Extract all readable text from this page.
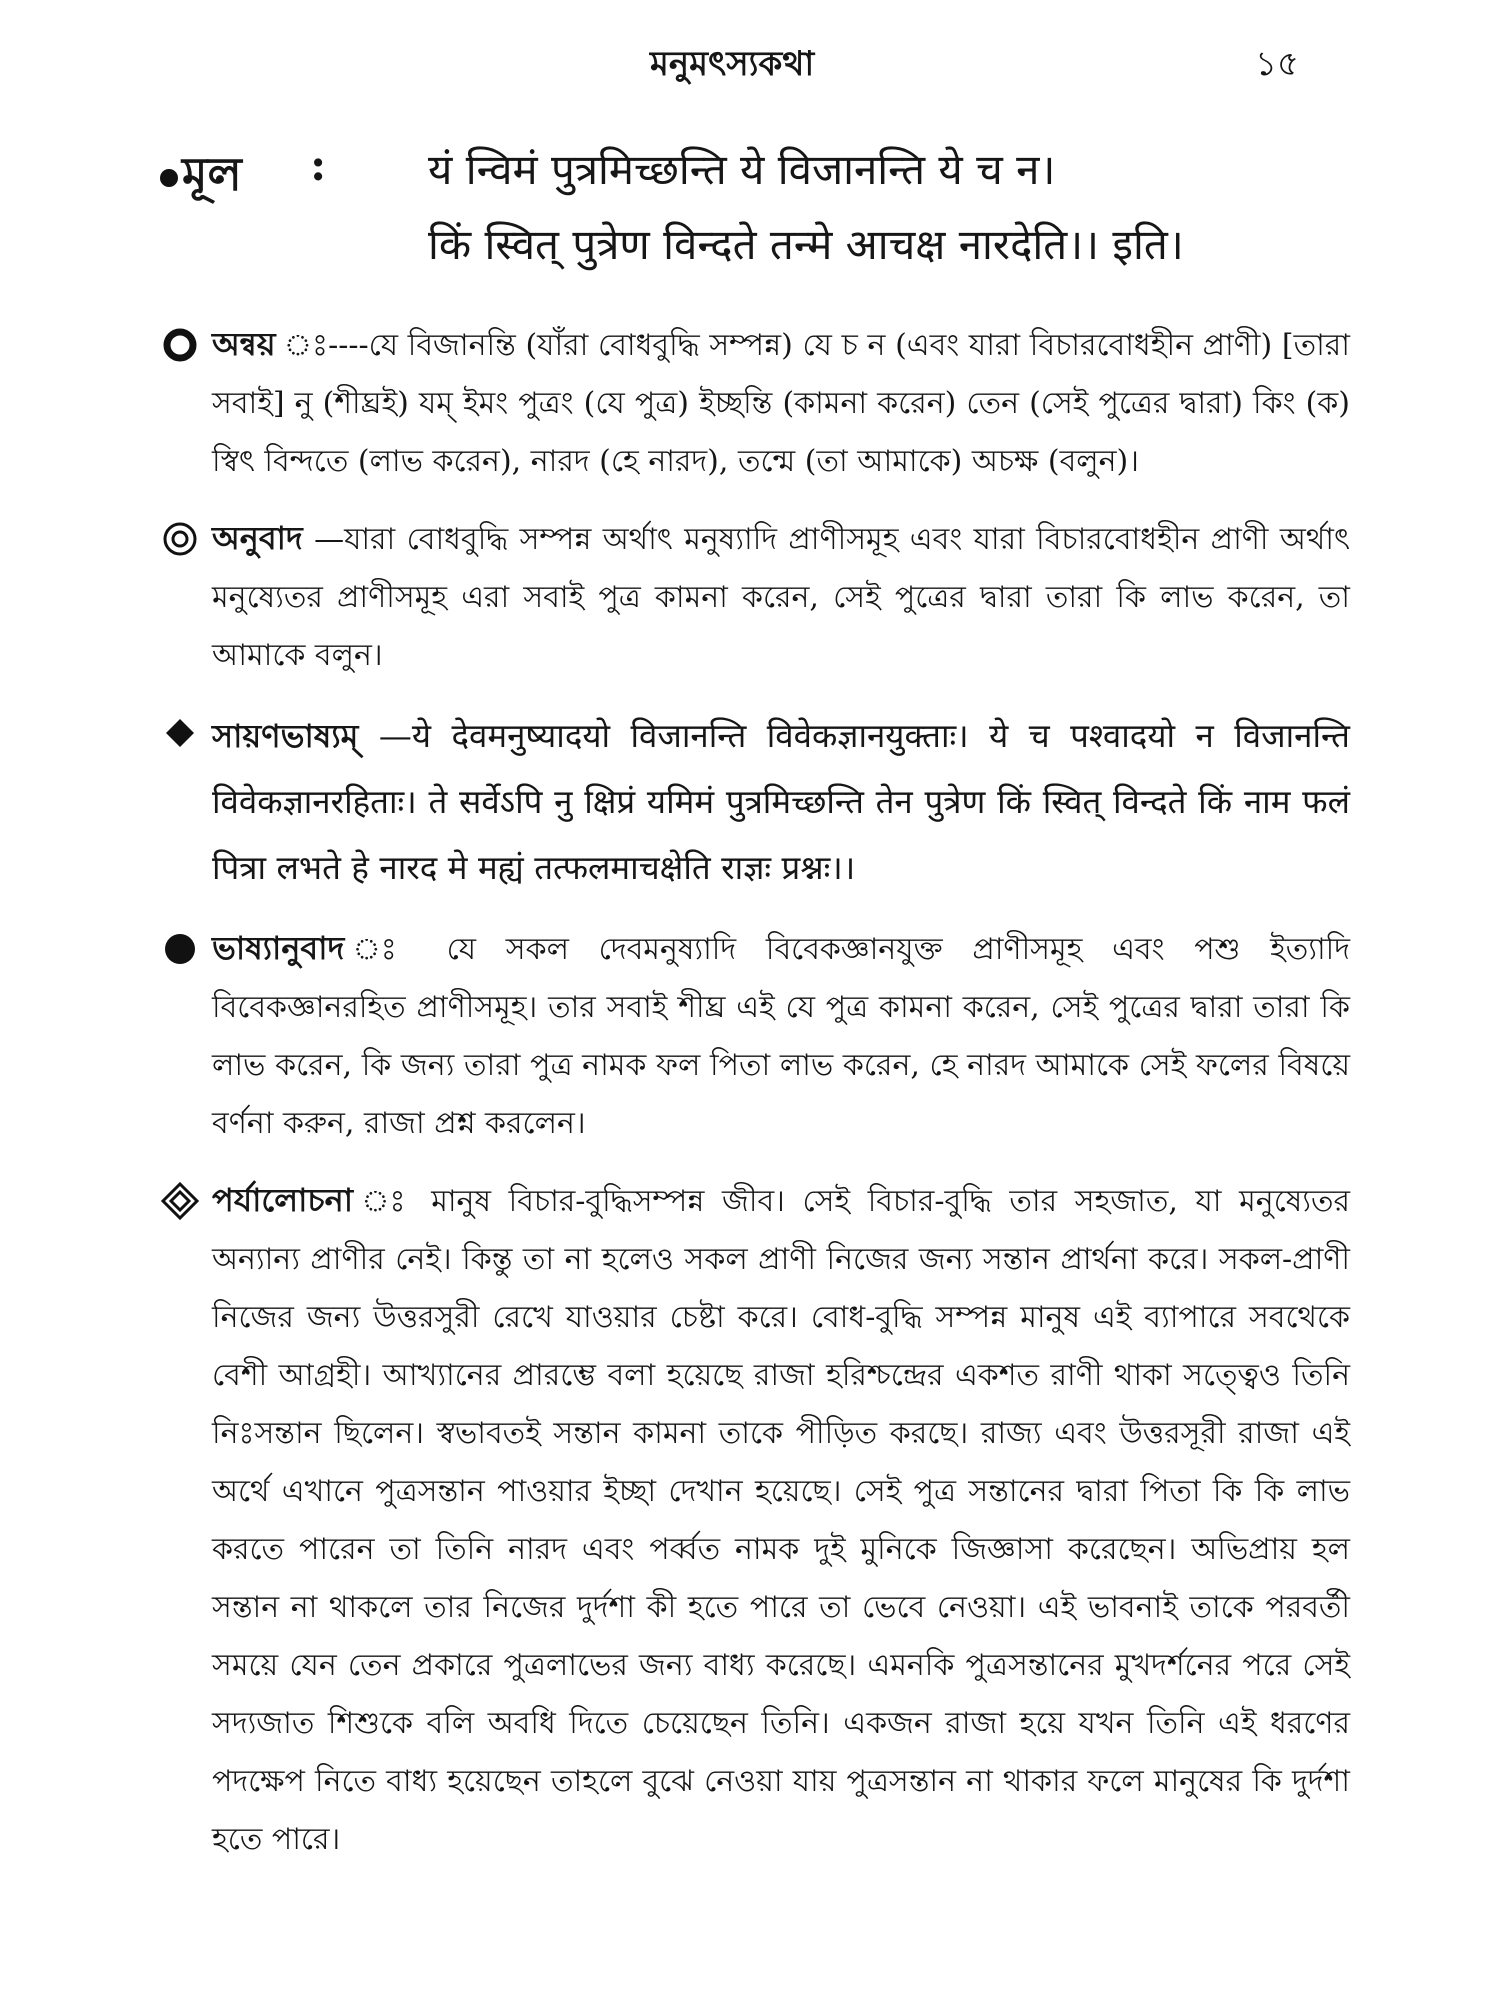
মনুমৎস্যকথা	১৫
মূল : यं न्विमं पुत्रमिच्छन्ति ये विजानन्ति ये च न।
किं स्वित् पुत्रेण विन्दते तन्मे आचक्ष नारदेति।। इति।

অন্বয় ঃ----যে বিজানন্তি (যাঁরা বোধবুদ্ধি সম্পন্ন) যে চ ন (এবং যারা বিচারবোধহীন প্রাণী) [তারা সবাই] নু (শীঘ্রই) যম্ ইমং পুত্রং (যে পুত্র) ইচ্ছন্তি (কামনা করেন) তেন (সেই পুত্রের দ্বারা) কিং (ক) স্বিৎ বিন্দতে (লাভ করেন), নারদ (হে নারদ), তন্মে (তা আমাকে) অচক্ষ (বলুন)।

অনুবাদ —যারা বোধবুদ্ধি সম্পন্ন অর্থাৎ মনুষ্যাদি প্রাণীসমূহ এবং যারা বিচারবোধহীন প্রাণী অর্থাৎ মনুষ্যেতর প্রাণীসমূহ এরা সবাই পুত্র কামনা করেন, সেই পুত্রের দ্বারা তারা কি লাভ করেন, তা আমাকে বলুন।

সায়ণভাষ্যম্ —ये देवमनुष्यादयो विजानन्ति विवेकज्ञानयुक्ताः। ये च पश्वादयो न विजानन्ति विवेकज्ञानरहिताः। ते सर्वेऽपि नु क्षिप्रं यमिमं पुत्रमिच्छन्ति तेन पुत्रेण किं स्वित् विन्दते किं नाम फलं पित्रा लभते हे नारद मे मह्यं तत्फलमाचक्षेति राज्ञः प्रश्नः।।

ভাষ্যানুবাদ ঃ যে সকল দেবমনুষ্যাদি বিবেকজ্ঞানযুক্ত প্রাণীসমূহ এবং পশু ইত্যাদি বিবেকজ্ঞানরহিত প্রাণীসমূহ। তার সবাই শীঘ্র এই যে পুত্র কামনা করেন, সেই পুত্রের দ্বারা তারা কি লাভ করেন, কি জন্য তারা পুত্র নামক ফল পিতা লাভ করেন, হে নারদ আমাকে সেই ফলের বিষয়ে বর্ণনা করুন, রাজা প্রশ্ন করলেন।

পর্যালোচনা ঃ মানুষ বিচার-বুদ্ধিসম্পন্ন জীব। সেই বিচার-বুদ্ধি তার সহজাত, যা মনুষ্যেতর অন্যান্য প্রাণীর নেই। কিন্তু তা না হলেও সকল প্রাণী নিজের জন্য সন্তান প্রার্থনা করে। সকল-প্রাণী নিজের জন্য উত্তরসুরী রেখে যাওয়ার চেষ্টা করে। বোধ-বুদ্ধি সম্পন্ন মানুষ এই ব্যাপারে সবথেকে বেশী আগ্রহী। আখ্যানের প্রারম্ভে বলা হয়েছে রাজা হরিশ্চন্দ্রের একশত রাণী থাকা সত্ত্বেও তিনি নিঃসন্তান ছিলেন। স্বভাবতই সন্তান কামনা তাকে পীড়িত করছে। রাজ্য এবং উত্তরসূরী রাজা এই অর্থে এখানে পুত্রসন্তান পাওয়ার ইচ্ছা দেখান হয়েছে। সেই পুত্র সন্তানের দ্বারা পিতা কি কি লাভ করতে পারেন তা তিনি নারদ এবং পর্ব্বত নামক দুই মুনিকে জিজ্ঞাসা করেছেন। অভিপ্রায় হল সন্তান না থাকলে তার নিজের দুর্দশা কী হতে পারে তা ভেবে নেওয়া। এই ভাবনাই তাকে পরবর্তী সময়ে যেন তেন প্রকারে পুত্রলাভের জন্য বাধ্য করেছে। এমনকি পুত্রসন্তানের মুখদর্শনের পরে সেই সদ্যজাত শিশুকে বলি অবধি দিতে চেয়েছেন তিনি। একজন রাজা হয়ে যখন তিনি এই ধরণের পদক্ষেপ নিতে বাধ্য হয়েছেন তাহলে বুঝে নেওয়া যায় পুত্রসন্তান না থাকার ফলে মানুষের কি দুর্দশা হতে পারে।
